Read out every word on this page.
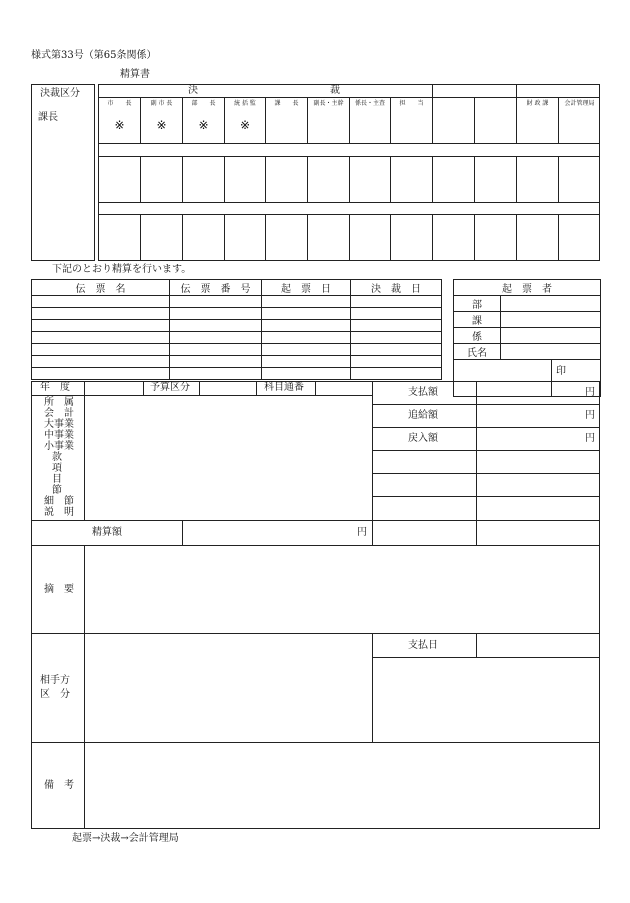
様式第33号（第65条関係）
精算書
決裁区分
課長
決	裁
市　　長	副 市 長	部　　長	統 括 監	課　　長	副長・主幹	係長・主査	担　　当	財 政 課	会計管理局
※	※	※	※
下記のとおり精算を行います。
伝　票　名	伝　票　番　号	起　票　日	決　裁　日

				起　票　者		
部		
課		
係		
氏名		
		印
年　度	予算区分	科目通番
所　属
会　計
大事業
中事業
小事業
款
項
目
節
細　節
説　明
支払額	円
追給額	円
戻入額	円
精算額	円
摘　要
支払日
相手方
区　分
備　考
起票→決裁→会計管理局
